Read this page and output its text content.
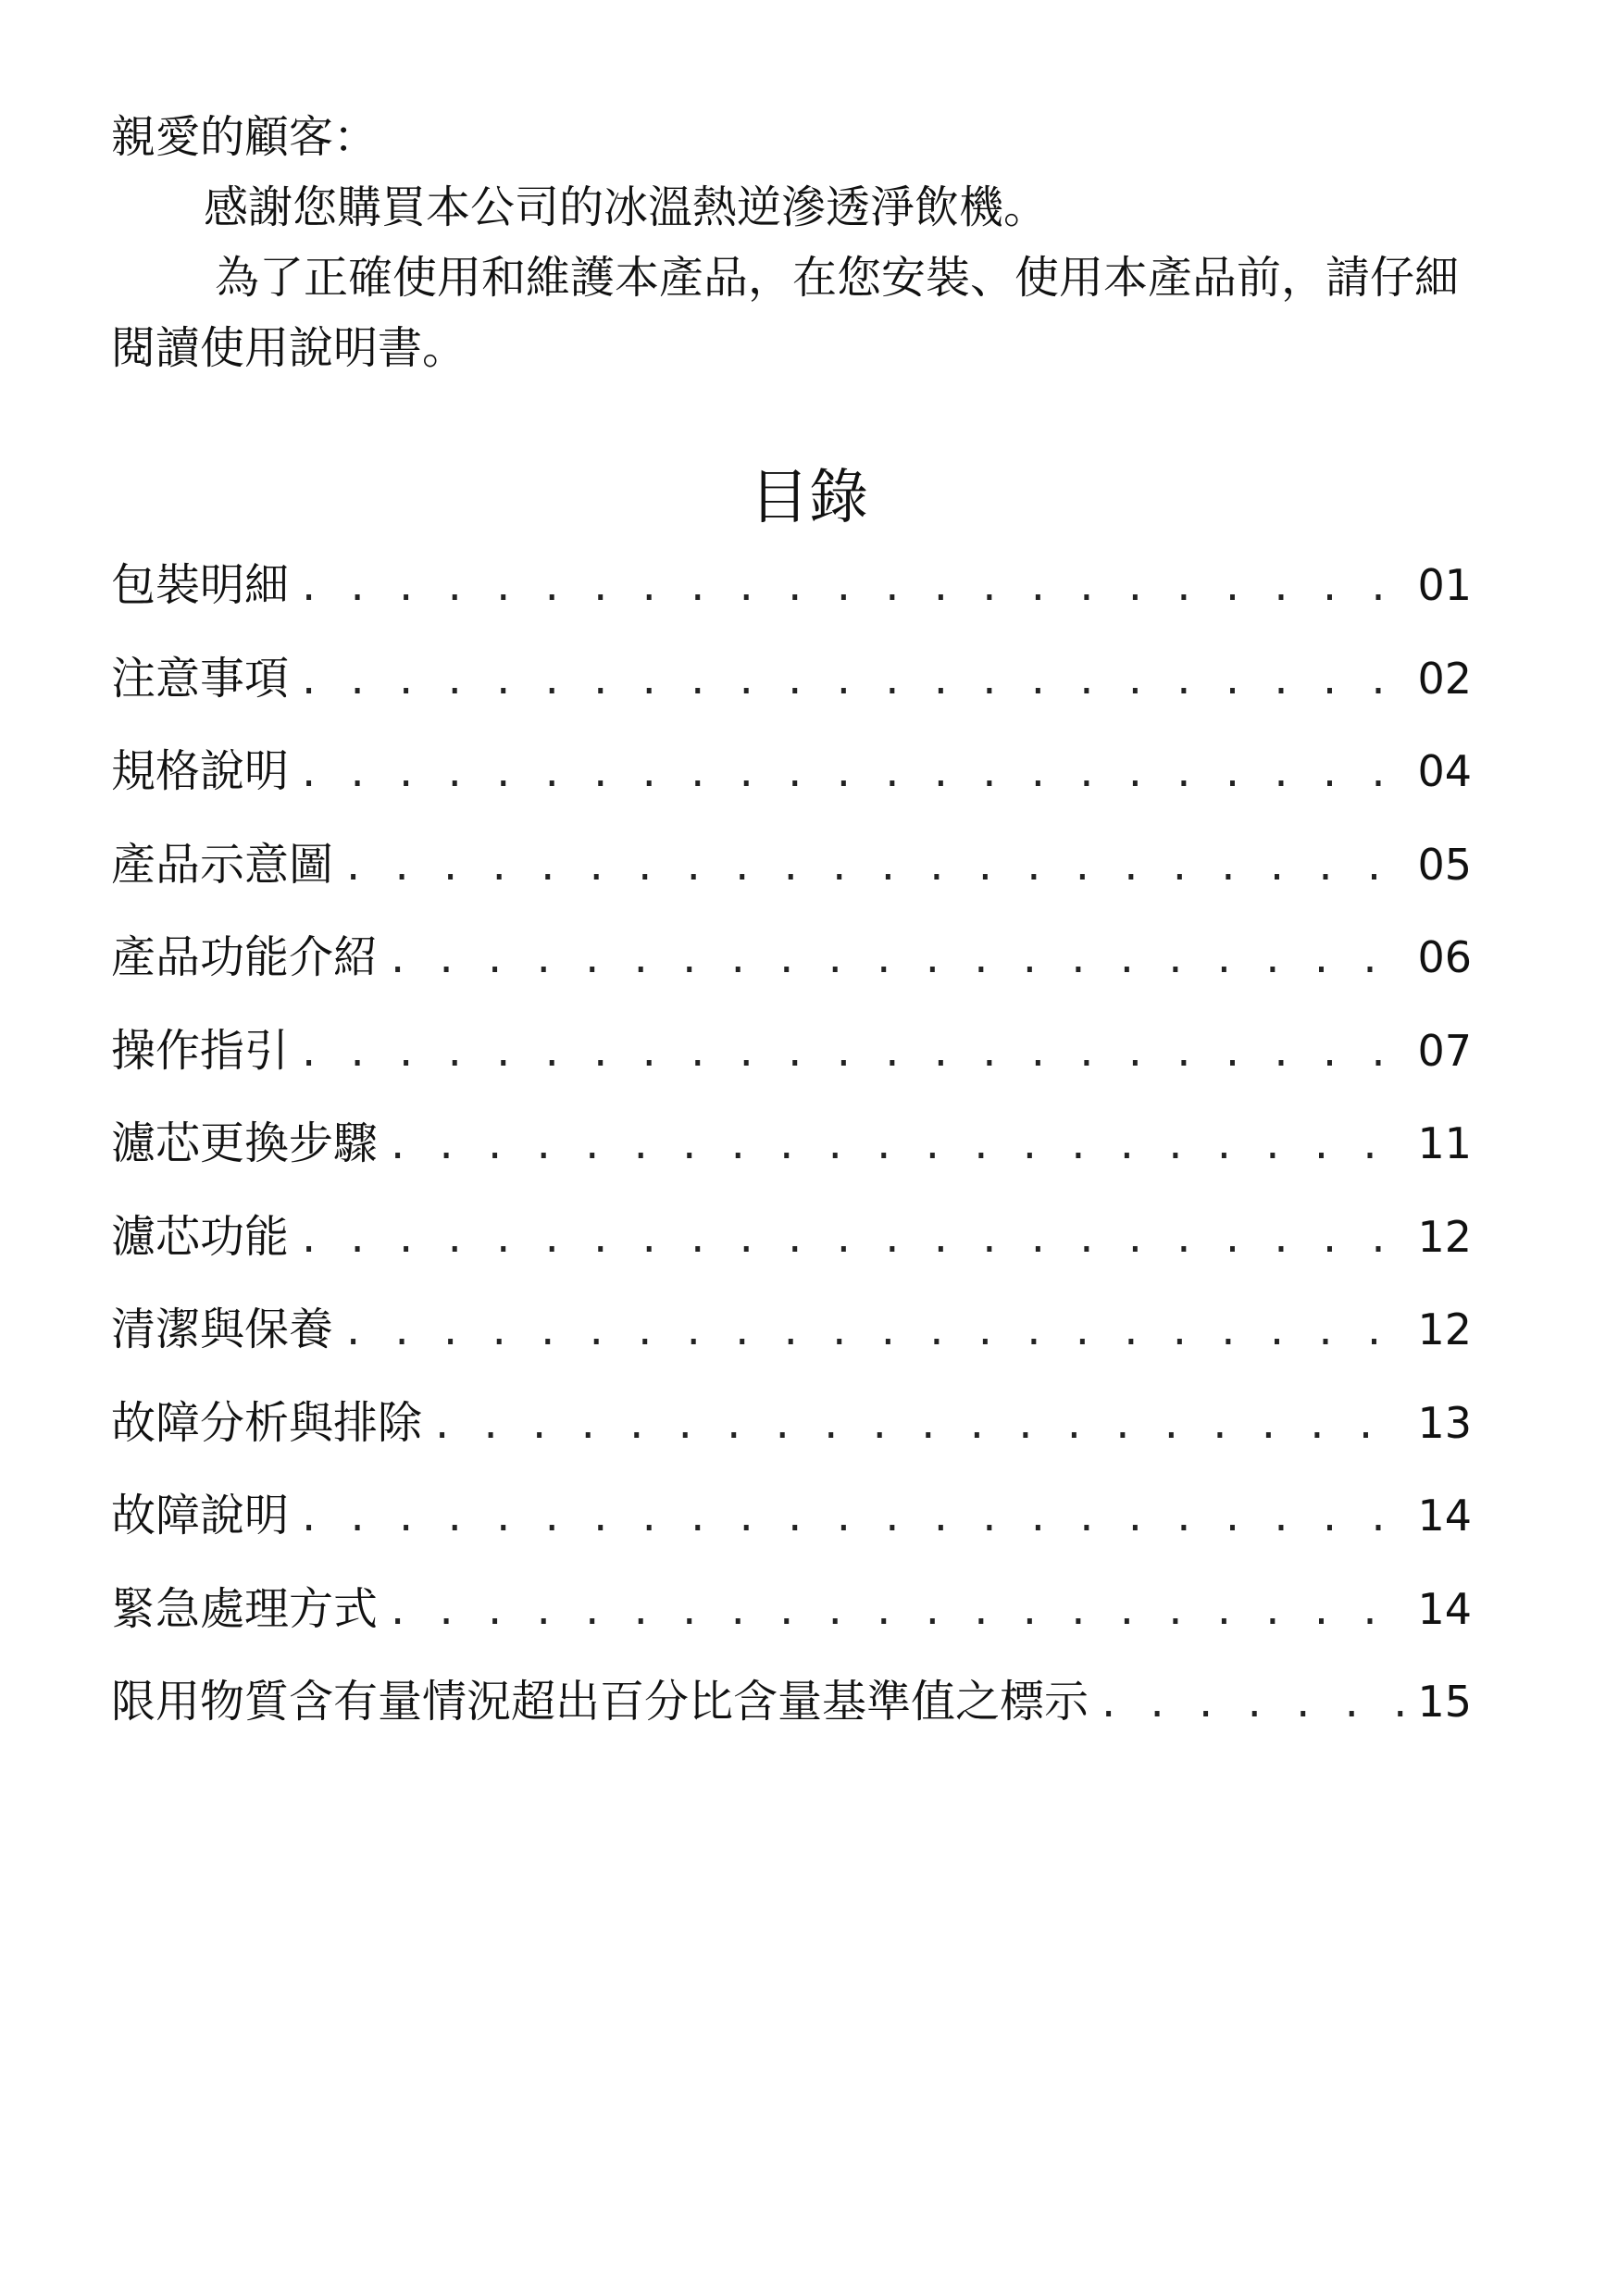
親愛的顧客：

感謝您購買本公司的冰溫熱逆滲透淨飲機。

為了正確使用和維護本產品，在您安裝、使用本產品前，請仔細

閱讀使用說明書。

目錄
包裝明細 . . .	01
注意事項 . . .	02
規格說明 . . .	04
產品示意圖 . . .	05
產品功能介紹 . . .	06
操作指引 . . .	07
濾芯更換步驟 . . .	11
濾芯功能 . . .	12
清潔與保養 . . .	12
故障分析與排除 . . .	13
故障說明 . . .	14
緊急處理方式 . . .	14
限用物質含有量情況超出百分比含量基準值之標示 . . .	15
